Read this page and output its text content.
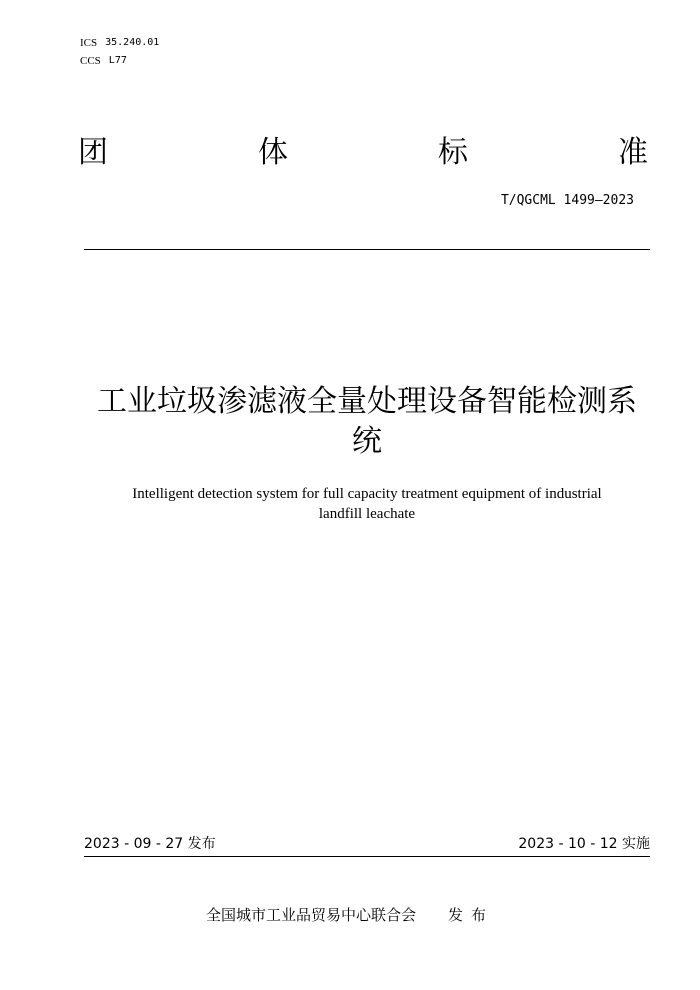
ICS 35.240.01
CCS L77
团	体	标	准
T/QGCML 1499—2023
工业垃圾渗滤液全量处理设备智能检测系
统
Intelligent detection system for full capacity treatment equipment of industrial
landfill leachate
2023 - 09 - 27 发布	2023 - 10 - 12 实施
全国城市工业品贸易中心联合会 发布
